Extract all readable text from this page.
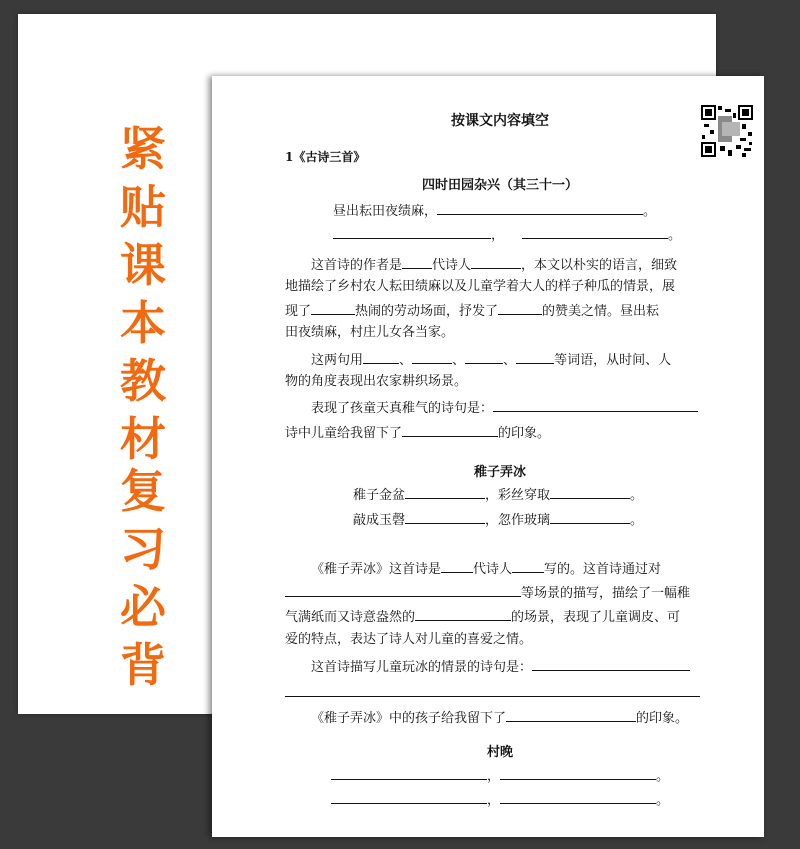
紧
贴
课
本
教
材
复
习
必
背
按课文内容填空
1《古诗三首》
四时田园杂兴（其三十一）
昼出耘田夜绩麻，	。
，	。
这首诗的作者是 代诗人	，本文以朴实的语言，细致
地描绘了乡村农人耘田绩麻以及儿童学着大人的样子种瓜的情景，展
现了	热闹的劳动场面，抒发了	的赞美之情。昼出耘
田夜绩麻，村庄儿女各当家。
这两句用	、	、	、	等词语，从时间、人
物的角度表现出农家耕织场景。
表现了孩童天真稚气的诗句是：
诗中儿童给我留下了	的印象。
稚子弄冰
稚子金盆	，彩丝穿取	。
敲成玉磬	，忽作玻璃	。
《稚子弄冰》这首诗是 代诗人 写的。这首诗通过对
等场景的描写，描绘了一幅稚
气满纸而又诗意盎然的	的场景，表现了儿童调皮、可
爱的特点，表达了诗人对儿童的喜爱之情。
这首诗描写儿童玩冰的情景的诗句是：
《稚子弄冰》中的孩子给我留下了	的印象。
村晚
，	。
，	。
